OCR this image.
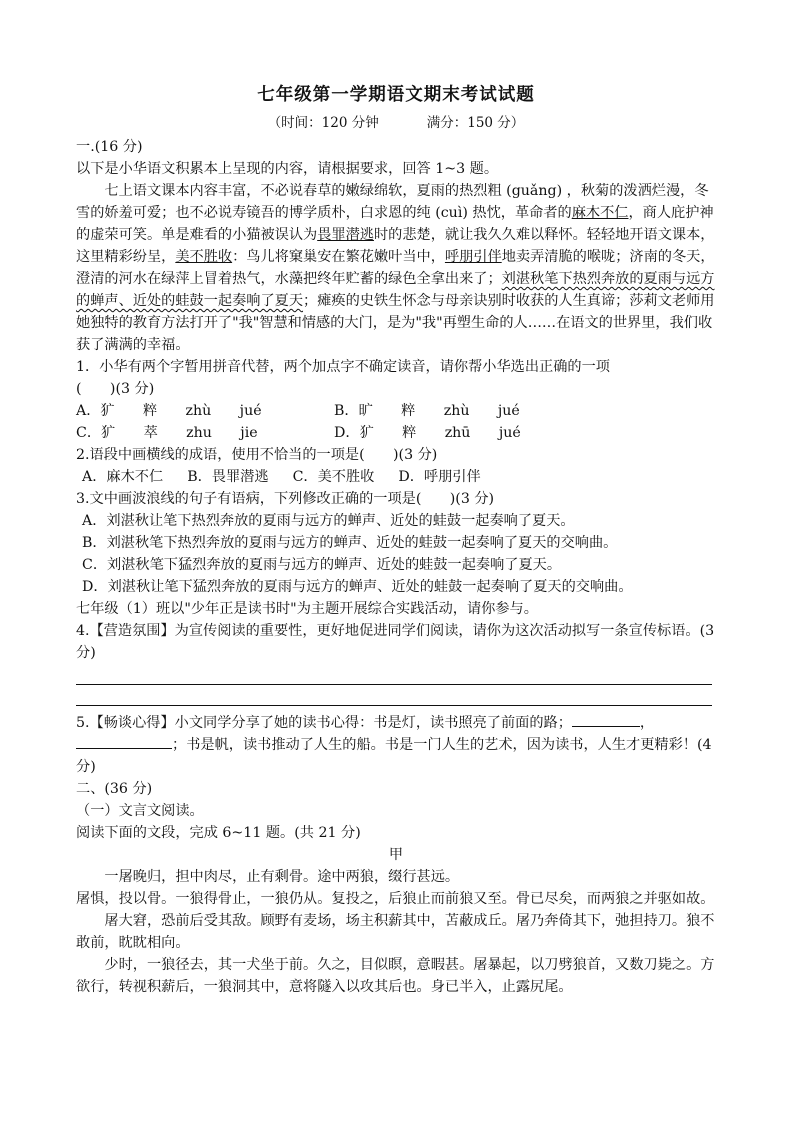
七年级第一学期语文期末考试试题
（时间：120 分钟	满分：150 分）

一.(16 分)

以下是小华语文积累本上呈现的内容，请根据要求，回答 1~3 题。

七上语文课本内容丰富，不必说春草的嫩绿绵软，夏雨的热烈粗 (guǎng) ，秋菊的泼洒烂漫，冬雪的娇羞可爱；也不必说寿镜吾的博学质朴，白求恩的纯 (cuì) 热忱，革命者的麻木不仁，商人庇护神的虚荣可笑。单是难看的小猫被误认为畏罪潜逃时的悲楚，就让我久久难以释怀。轻轻地开语文课本，这里精彩纷呈，美不胜收：鸟儿将窠巢安在繁花嫩叶当中，呼朋引伴地卖弄清脆的喉咙；济南的冬天，澄清的河水在绿萍上冒着热气，水藻把终年贮蓄的绿色全拿出来了；刘湛秋笔下热烈奔放的夏雨与远方的蝉声、近处的蛙鼓一起奏响了夏天；瘫痪的史铁生怀念与母亲诀别时收获的人生真谛；莎莉文老师用她独特的教育方法打开了"我"智慧和情感的大门，是为"我"再塑生命的人……在语文的世界里，我们收获了满满的幸福。

1．小华有两个字暂用拼音代替，两个加点字不确定读音，请你帮小华选出正确的一项

(　　)(3 分)

A．犷　　粹　　zhù　　jué	B．旷　　粹　　zhù　　jué
C．犷　　萃　　zhu　　jie	D．犷　　粹　　zhū　　jué

2.语段中画横线的成语，使用不恰当的一项是(　　)(3 分)

A．麻木不仁 B．畏罪潜逃 C．美不胜收 D．呼朋引伴

3.文中画波浪线的句子有语病，下列修改正确的一项是(　　)(3 分)

A．刘湛秋让笔下热烈奔放的夏雨与远方的蝉声、近处的蛙鼓一起奏响了夏天。

B．刘湛秋笔下热烈奔放的夏雨与远方的蝉声、近处的蛙鼓一起奏响了夏天的交响曲。

C．刘湛秋笔下猛烈奔放的夏雨与远方的蝉声、近处的蛙鼓一起奏响了夏天。

D．刘湛秋让笔下猛烈奔放的夏雨与远方的蝉声、近处的蛙鼓一起奏响了夏天的交响曲。

七年级（1）班以"少年正是读书时"为主题开展综合实践活动，请你参与。

4.【营造氛围】为宣传阅读的重要性，更好地促进同学们阅读，请你为这次活动拟写一条宣传标语。(3 分)

5.【畅谈心得】小文同学分享了她的读书心得：书是灯，读书照亮了前面的路；	，；书是帆，读书推动了人生的船。书是一门人生的艺术，因为读书，人生才更精彩！(4 分)

二、(36 分)

（一）文言文阅读。

阅读下面的文段，完成 6~11 题。(共 21 分)

甲

一屠晚归，担中肉尽，止有剩骨。途中两狼，缀行甚远。

屠惧，投以骨。一狼得骨止，一狼仍从。复投之，后狼止而前狼又至。骨已尽矣，而两狼之并驱如故。

屠大窘，恐前后受其敌。顾野有麦场，场主积薪其中，苫蔽成丘。屠乃奔倚其下，弛担持刀。狼不敢前，眈眈相向。

少时，一狼径去，其一犬坐于前。久之，目似瞑，意暇甚。屠暴起，以刀劈狼首，又数刀毙之。方欲行，转视积薪后，一狼洞其中，意将隧入以攻其后也。身已半入，止露尻尾。
